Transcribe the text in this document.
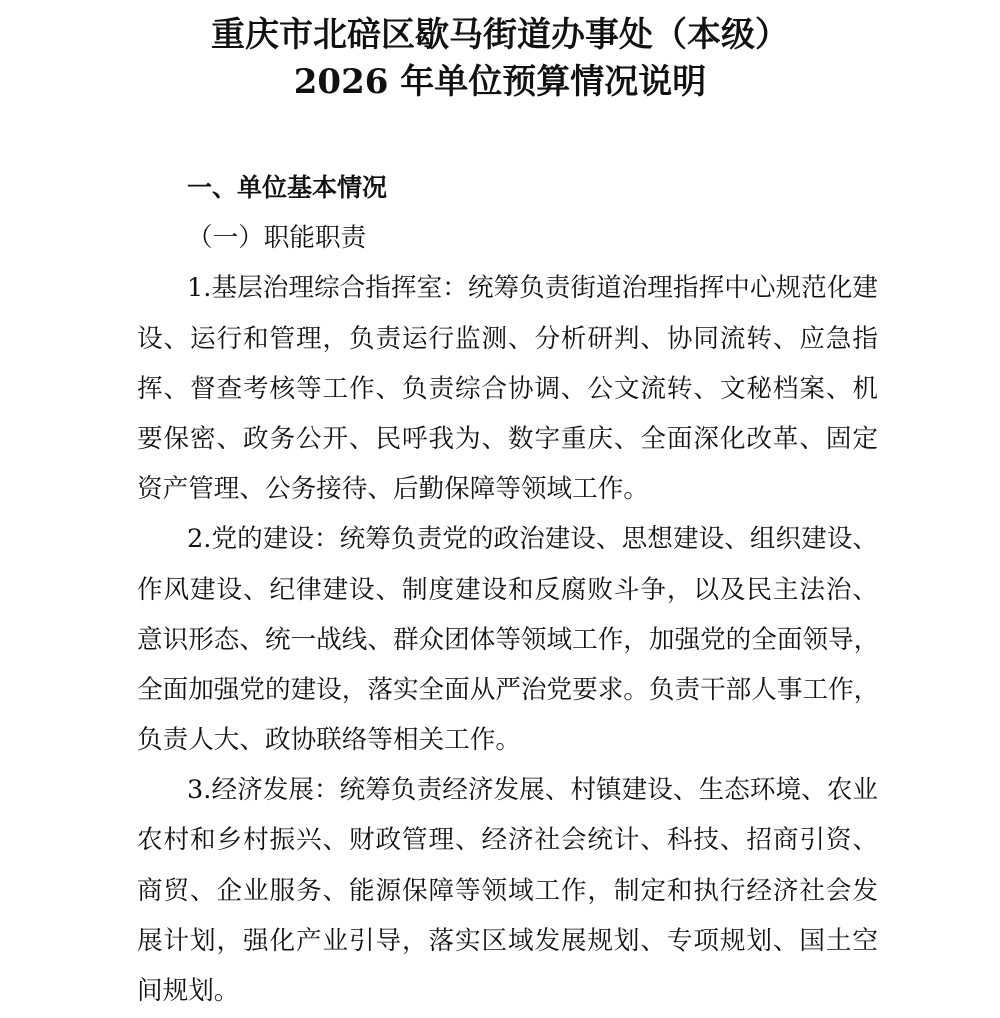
重庆市北碚区歇马街道办事处（本级）
2026 年单位预算情况说明
一、单位基本情况
（一）职能职责
1.基层治理综合指挥室：统筹负责街道治理指挥中心规范化建
设、运行和管理，负责运行监测、分析研判、协同流转、应急指
挥、督查考核等工作、负责综合协调、公文流转、文秘档案、机
要保密、政务公开、民呼我为、数字重庆、全面深化改革、固定
资产管理、公务接待、后勤保障等领域工作。
2.党的建设：统筹负责党的政治建设、思想建设、组织建设、
作风建设、纪律建设、制度建设和反腐败斗争，以及民主法治、
意识形态、统一战线、群众团体等领域工作，加强党的全面领导，
全面加强党的建设，落实全面从严治党要求。负责干部人事工作，
负责人大、政协联络等相关工作。
3.经济发展：统筹负责经济发展、村镇建设、生态环境、农业
农村和乡村振兴、财政管理、经济社会统计、科技、招商引资、
商贸、企业服务、能源保障等领域工作，制定和执行经济社会发
展计划，强化产业引导，落实区域发展规划、专项规划、国土空
间规划。
